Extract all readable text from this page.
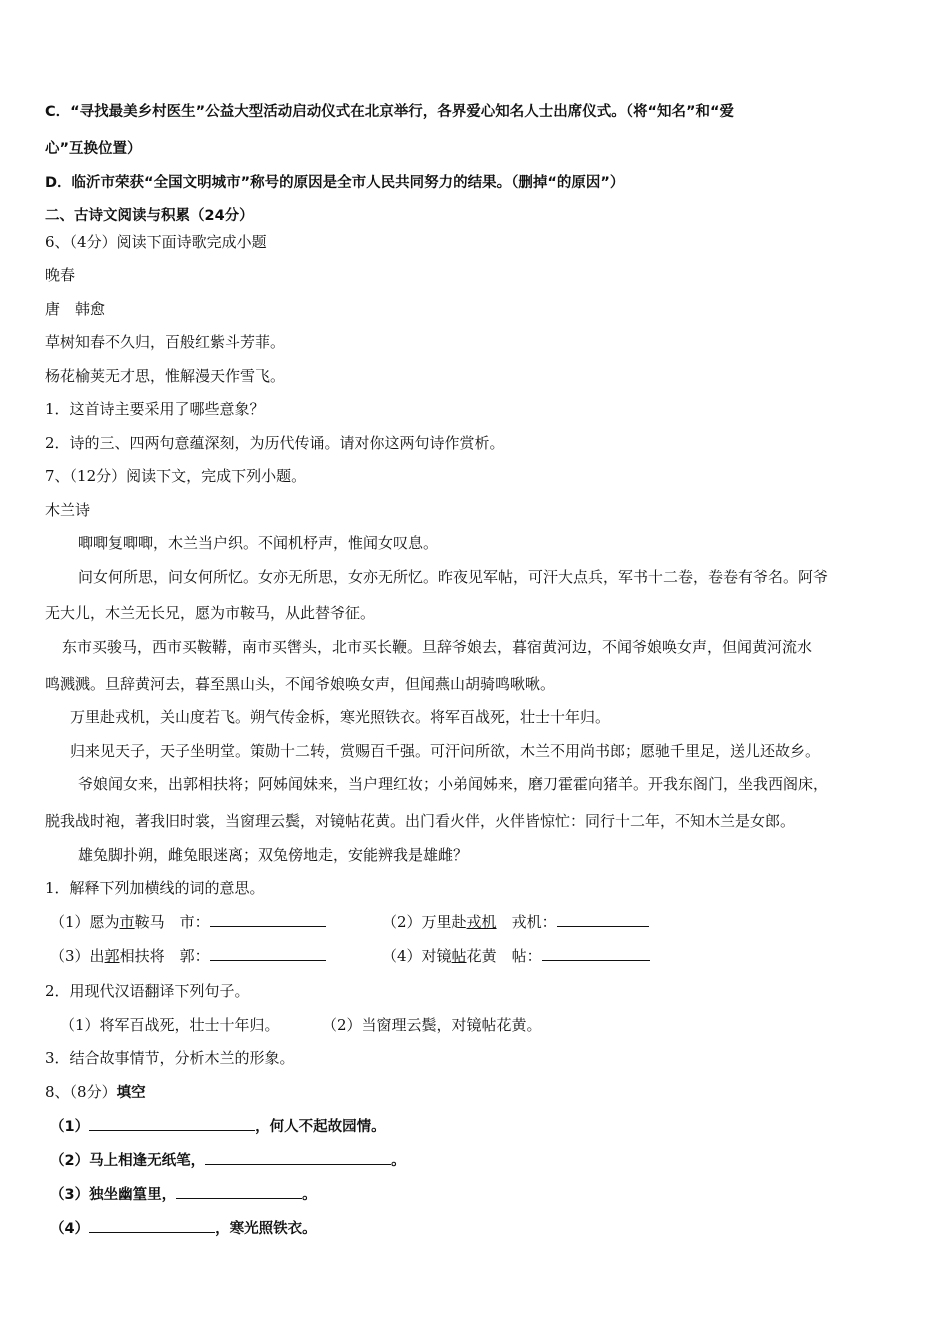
C．“寻找最美乡村医生”公益大型活动启动仪式在北京举行，各界爱心知名人士出席仪式。（将“知名”和“爱
心”互换位置）
D．临沂市荣获“全国文明城市”称号的原因是全市人民共同努力的结果。（删掉“的原因”）
二、古诗文阅读与积累（24分）
6、（4分）阅读下面诗歌完成小题
晚春
唐　韩愈
草树知春不久归，百般红紫斗芳菲。
杨花榆荚无才思，惟解漫天作雪飞。
1．这首诗主要采用了哪些意象？
2．诗的三、四两句意蕴深刻，为历代传诵。请对你这两句诗作赏析。
7、（12分）阅读下文，完成下列小题。
木兰诗
唧唧复唧唧，木兰当户织。不闻机杼声，惟闻女叹息。
问女何所思，问女何所忆。女亦无所思，女亦无所忆。昨夜见军帖，可汗大点兵，军书十二卷，卷卷有爷名。阿爷
无大儿，木兰无长兄，愿为市鞍马，从此替爷征。
东市买骏马，西市买鞍鞯，南市买辔头，北市买长鞭。旦辞爷娘去，暮宿黄河边，不闻爷娘唤女声，但闻黄河流水
鸣溅溅。旦辞黄河去，暮至黑山头，不闻爷娘唤女声，但闻燕山胡骑鸣啾啾。
万里赴戎机，关山度若飞。朔气传金柝，寒光照铁衣。将军百战死，壮士十年归。
归来见天子，天子坐明堂。策勋十二转，赏赐百千强。可汗问所欲，木兰不用尚书郎；愿驰千里足，送儿还故乡。
爷娘闻女来，出郭相扶将；阿姊闻妹来，当户理红妆；小弟闻姊来，磨刀霍霍向猪羊。开我东阁门，坐我西阁床，
脱我战时袍，著我旧时裳，当窗理云鬓，对镜帖花黄。出门看火伴，火伴皆惊忙：同行十二年，不知木兰是女郎。
雄兔脚扑朔，雌兔眼迷离；双兔傍地走，安能辨我是雄雌？
1．解释下列加横线的词的意思。
（1）愿为市鞍马　市：	（2）万里赴戎机　戎机：
（3）出郭相扶将　郭：	（4）对镜帖花黄　帖：
2．用现代汉语翻译下列句子。
（1）将军百战死，壮士十年归。	（2）当窗理云鬓，对镜帖花黄。
3．结合故事情节，分析木兰的形象。
8、（8分）填空
（1）	，何人不起故园情。
（2）马上相逢无纸笔，	。
（3）独坐幽篁里，	。
（4）	，寒光照铁衣。
